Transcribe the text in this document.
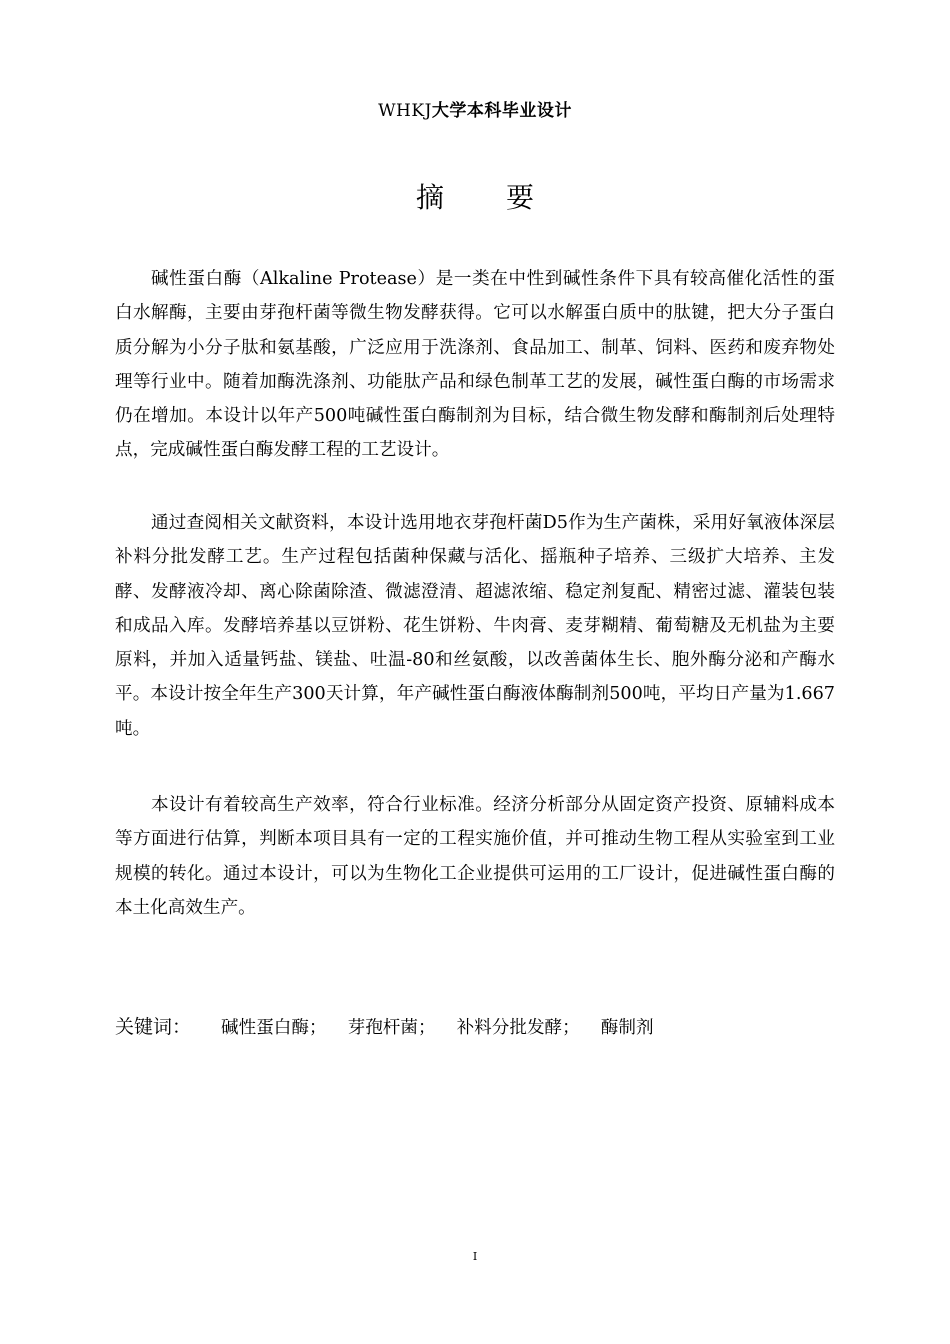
WHKJ大学本科毕业设计
摘 要

碱性蛋白酶（Alkaline Protease）是一类在中性到碱性条件下具有较高催化活性的蛋白水解酶，主要由芽孢杆菌等微生物发酵获得。它可以水解蛋白质中的肽键，把大分子蛋白质分解为小分子肽和氨基酸，广泛应用于洗涤剂、食品加工、制革、饲料、医药和废弃物处理等行业中。随着加酶洗涤剂、功能肽产品和绿色制革工艺的发展，碱性蛋白酶的市场需求仍在增加。本设计以年产500吨碱性蛋白酶制剂为目标，结合微生物发酵和酶制剂后处理特点，完成碱性蛋白酶发酵工程的工艺设计。

通过查阅相关文献资料，本设计选用地衣芽孢杆菌D5作为生产菌株，采用好氧液体深层补料分批发酵工艺。生产过程包括菌种保藏与活化、摇瓶种子培养、三级扩大培养、主发酵、发酵液冷却、离心除菌除渣、微滤澄清、超滤浓缩、稳定剂复配、精密过滤、灌装包装和成品入库。发酵培养基以豆饼粉、花生饼粉、牛肉膏、麦芽糊精、葡萄糖及无机盐为主要原料，并加入适量钙盐、镁盐、吐温-80和丝氨酸，以改善菌体生长、胞外酶分泌和产酶水平。本设计按全年生产300天计算，年产碱性蛋白酶液体酶制剂500吨，平均日产量为1.667吨。

本设计有着较高生产效率，符合行业标准。经济分析部分从固定资产投资、原辅料成本等方面进行估算，判断本项目具有一定的工程实施价值，并可推动生物工程从实验室到工业规模的转化。通过本设计，可以为生物化工企业提供可运用的工厂设计，促进碱性蛋白酶的本土化高效生产。

关键词： 碱性蛋白酶； 芽孢杆菌； 补料分批发酵； 酶制剂
I
